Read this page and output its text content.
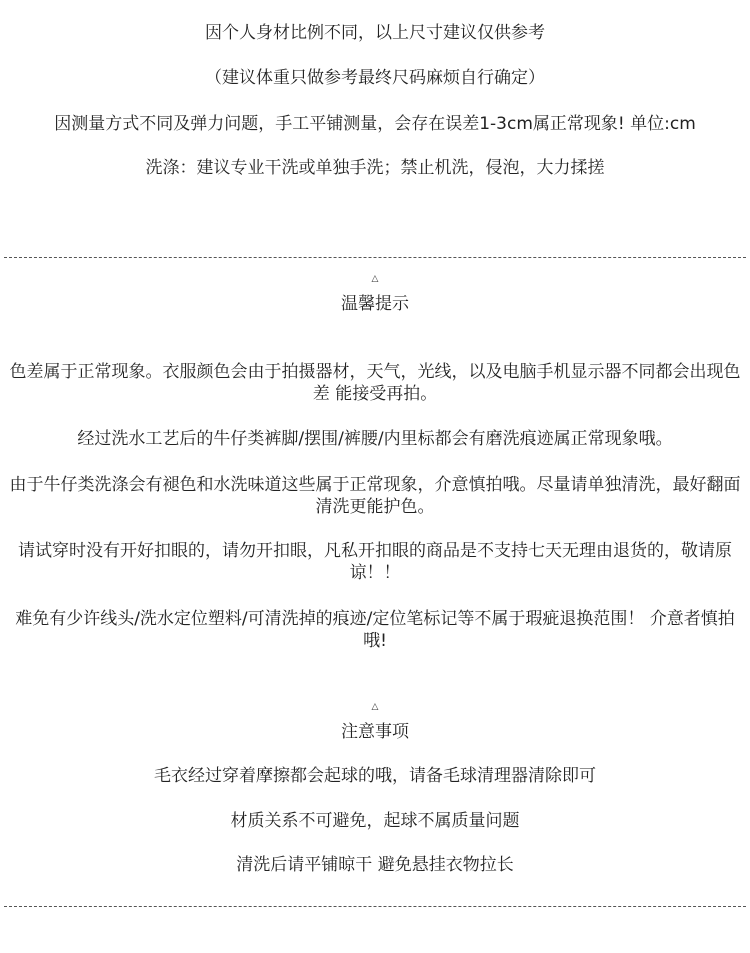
因个人身材比例不同，以上尺寸建议仅供参考
（建议体重只做参考最终尺码麻烦自行确定）
因测量方式不同及弹力问题，手工平铺测量，会存在误差1-3cm属正常现象! 单位:cm
洗涤：建议专业干洗或单独手洗；禁止机洗，侵泡，大力揉搓
△
温馨提示
色差属于正常现象。衣服颜色会由于拍摄器材，天气，光线，以及电脑手机显示器不同都会出现色差 能接受再拍。
经过洗水工艺后的牛仔类裤脚/摆围/裤腰/内里标都会有磨洗痕迹属正常现象哦。
由于牛仔类洗涤会有褪色和水洗味道这些属于正常现象，介意慎拍哦。尽量请单独清洗，最好翻面清洗更能护色。
请试穿时没有开好扣眼的，请勿开扣眼，凡私开扣眼的商品是不支持七天无理由退货的，敬请原谅！！
难免有少许线头/洗水定位塑料/可清洗掉的痕迹/定位笔标记等不属于瑕疵退换范围！ 介意者慎拍哦!
△
注意事项
毛衣经过穿着摩擦都会起球的哦，请备毛球清理器清除即可
材质关系不可避免，起球不属质量问题
清洗后请平铺晾干 避免悬挂衣物拉长
